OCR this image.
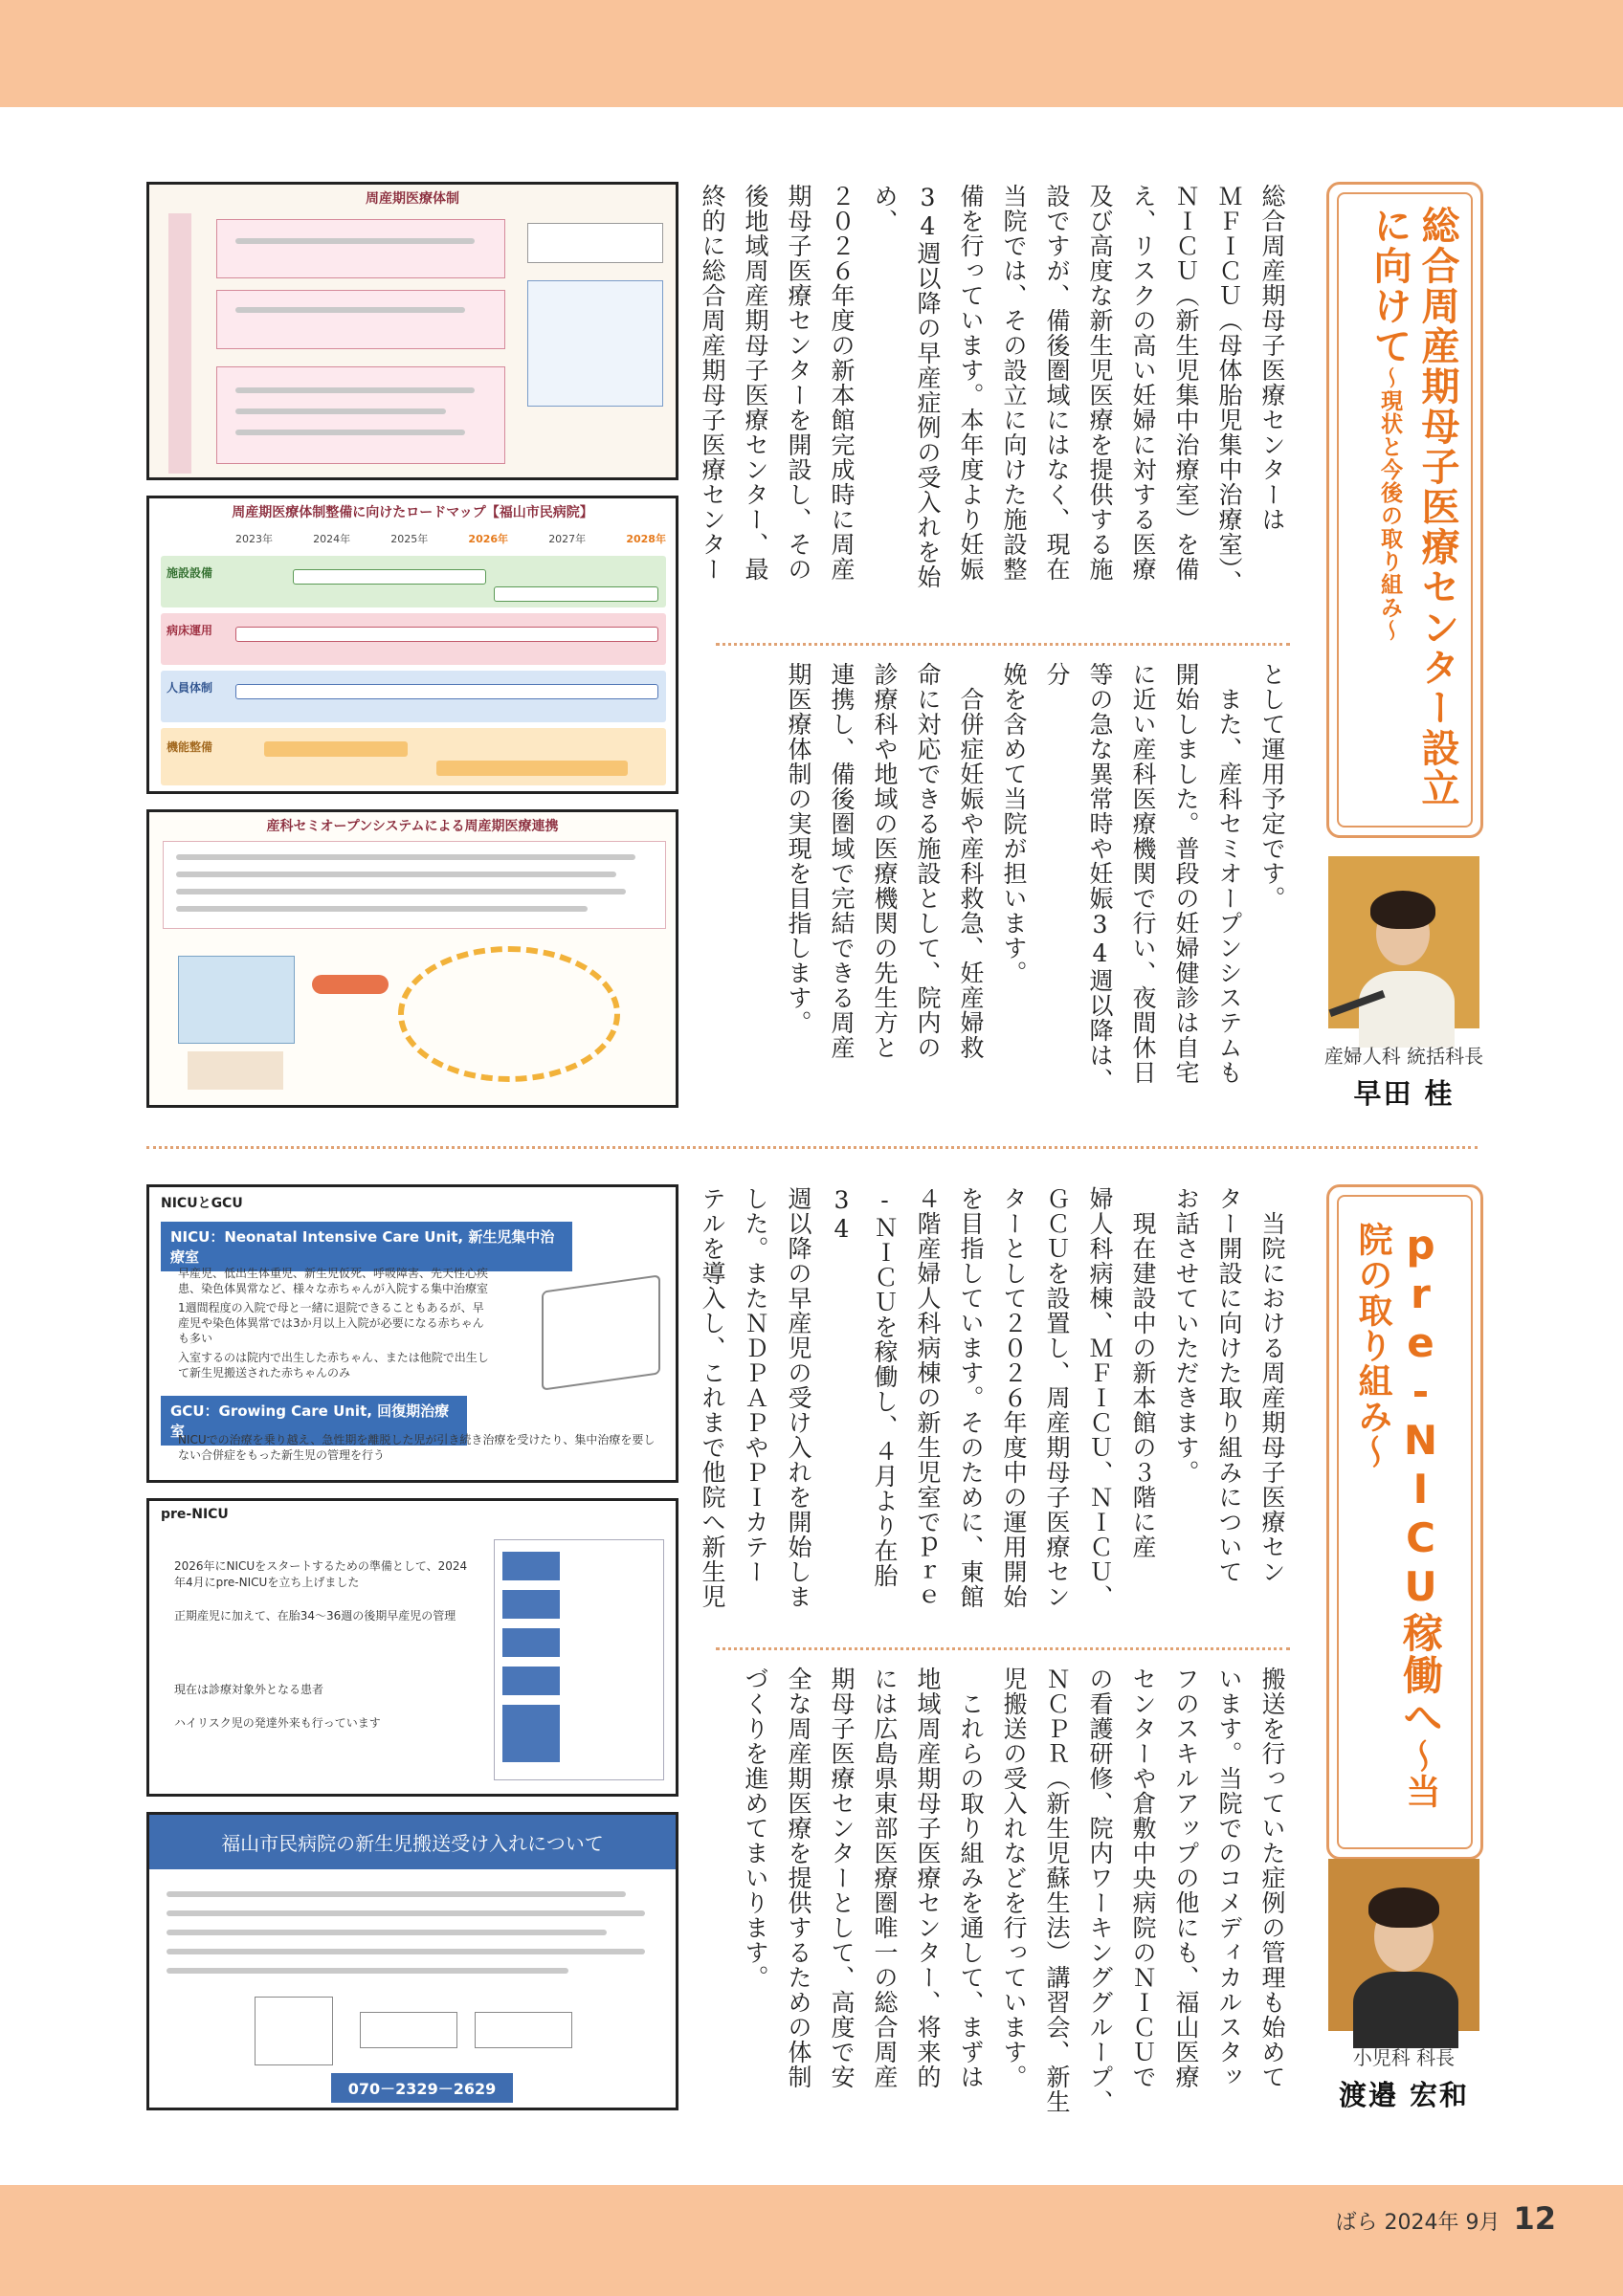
総合周産期母子医療センター設立に向けて〜現状と今後の取り組み〜
産婦人科 統括科長
早田 桂
総合周産期母子医療センターは
ＭＦＩＣＵ（母体胎児集中治療室）、
ＮＩＣＵ（新生児集中治療室）を備
え、リスクの高い妊婦に対する医療
及び高度な新生児医療を提供する施
設ですが、備後圏域にはなく、現在
当院では、その設立に向けた施設整
備を行っています。本年度より妊娠
34週以降の早産症例の受入れを始め、
２０２６年度の新本館完成時に周産
期母子医療センターを開設し、その
後地域周産期母子医療センター、最
終的に総合周産期母子医療センター
として運用予定です。
　また、産科セミオープンシステムも
開始しました。普段の妊婦健診は自宅
に近い産科医療機関で行い、夜間休日
等の急な異常時や妊娠34週以降は、分
娩を含めて当院が担います。
　合併症妊娠や産科救急、妊産婦救
命に対応できる施設として、院内の
診療科や地域の医療機関の先生方と
連携し、備後圏域で完結できる周産
期医療体制の実現を目指します。
周産期医療体制
周産期医療体制整備に向けたロードマップ【福山市民病院】
2023年	2024年	2025年	2026年	2027年	2028年
施設設備
病床運用
人員体制
機能整備
産科セミオープンシステムによる周産期医療連携
pre-NICU稼働へ〜当院の取り組み〜
小児科 科長
渡邉 宏和
　当院における周産期母子医療セン
ター開設に向けた取り組みについて
お話させていただきます。
　現在建設中の新本館の３階に産
婦人科病棟、ＭＦＩＣＵ、ＮＩＣＵ、
ＧＣＵを設置し、周産期母子医療セン
ターとして２０２６年度中の運用開始
を目指しています。そのために、東館
４階産婦人科病棟の新生児室でｐｒｅ
-ＮＩＣＵを稼働し、４月より在胎34
週以降の早産児の受け入れを開始しま
した。またＮＤＰＡＰやＰＩカテー
テルを導入し、これまで他院へ新生児
搬送を行っていた症例の管理も始めて
います。当院でのコメディカルスタッ
フのスキルアップの他にも、福山医療
センターや倉敷中央病院のＮＩＣＵで
の看護研修、院内ワーキンググループ、
ＮＣＰＲ（新生児蘇生法）講習会、新生
児搬送の受入れなどを行っています。
　これらの取り組みを通して、まずは
地域周産期母子医療センター、将来的
には広島県東部医療圏唯一の総合周産
期母子医療センターとして、高度で安
全な周産期医療を提供するための体制
づくりを進めてまいります。
NICUとGCU
NICU：Neonatal Intensive Care Unit, 新生児集中治療室
早産児、低出生体重児、新生児仮死、呼吸障害、先天性心疾患、染色体異常など、様々な赤ちゃんが入院する集中治療室
1週間程度の入院で母と一緒に退院できることもあるが、早産児や染色体異常では3か月以上入院が必要になる赤ちゃんも多い
入室するのは院内で出生した赤ちゃん、または他院で出生して新生児搬送された赤ちゃんのみ
GCU：Growing Care Unit, 回復期治療室
NICUでの治療を乗り越え、急性期を離脱した児が引き続き治療を受けたり、集中治療を要しない合併症をもった新生児の管理を行う
pre-NICU
2026年にNICUをスタートするための準備として、2024年4月にpre-NICUを立ち上げました
正期産児に加えて、在胎34〜36週の後期早産児の管理
現在は診療対象外となる患者
ハイリスク児の発達外来も行っています
福山市民病院の新生児搬送受け入れについて
070－2329－2629
ばら 2024年 9月 12
